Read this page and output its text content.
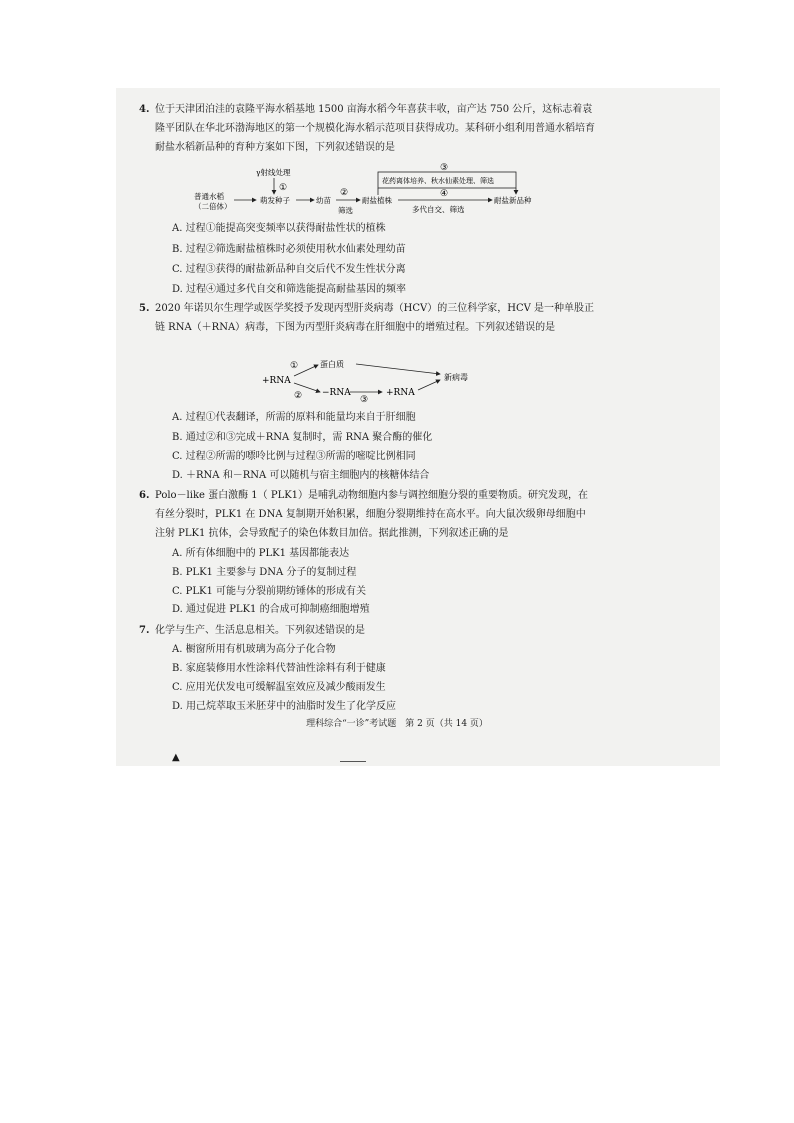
4. 位于天津团泊洼的袁隆平海水稻基地 1500 亩海水稻今年喜获丰收，亩产达 750 公斤，这标志着袁隆平团队在华北环渤海地区的第一个规模化海水稻示范项目获得成功。某科研小组利用普通水稻培育耐盐水稻新品种的育种方案如下图，下列叙述错误的是
普通水稻
（二倍体）
γ射线处理
①
萌发种子	幼苗
②
筛选
耐盐植株
③
花药离体培养、秋水仙素处理、筛选
④
多代自交、筛选
耐盐新品种
A. 过程①能提高突变频率以获得耐盐性状的植株
B. 过程②筛选耐盐植株时必须使用秋水仙素处理幼苗
C. 过程③获得的耐盐新品种自交后代不发生性状分离
D. 过程④通过多代自交和筛选能提高耐盐基因的频率
5. 2020 年诺贝尔生理学或医学奖授予发现丙型肝炎病毒（HCV）的三位科学家，HCV 是一种单股正链 RNA（＋RNA）病毒，下图为丙型肝炎病毒在肝细胞中的增殖过程。下列叙述错误的是
+RNA
①	蛋白质
② −RNA
③
+RNA
新病毒
A. 过程①代表翻译，所需的原料和能量均来自于肝细胞
B. 通过②和③完成＋RNA 复制时，需 RNA 聚合酶的催化
C. 过程②所需的嘌呤比例与过程③所需的嘧啶比例相同
D. ＋RNA 和－RNA 可以随机与宿主细胞内的核糖体结合
6. Polo－like 蛋白激酶 1（ PLK1）是哺乳动物细胞内参与调控细胞分裂的重要物质。研究发现，在有丝分裂时，PLK1 在 DNA 复制期开始积累，细胞分裂期维持在高水平。向大鼠次级卵母细胞中注射 PLK1 抗体，会导致配子的染色体数目加倍。据此推测，下列叙述正确的是
A. 所有体细胞中的 PLK1 基因都能表达
B. PLK1 主要参与 DNA 分子的复制过程
C. PLK1 可能与分裂前期纺锤体的形成有关
D. 通过促进 PLK1 的合成可抑制癌细胞增殖
7. 化学与生产、生活息息相关。下列叙述错误的是
A. 橱窗所用有机玻璃为高分子化合物
B. 家庭装修用水性涂料代替油性涂料有利于健康
C. 应用光伏发电可缓解温室效应及减少酸雨发生
D. 用己烷萃取玉米胚芽中的油脂时发生了化学反应
理科综合“一诊”考试题　第 2 页（共 14 页）
▲
